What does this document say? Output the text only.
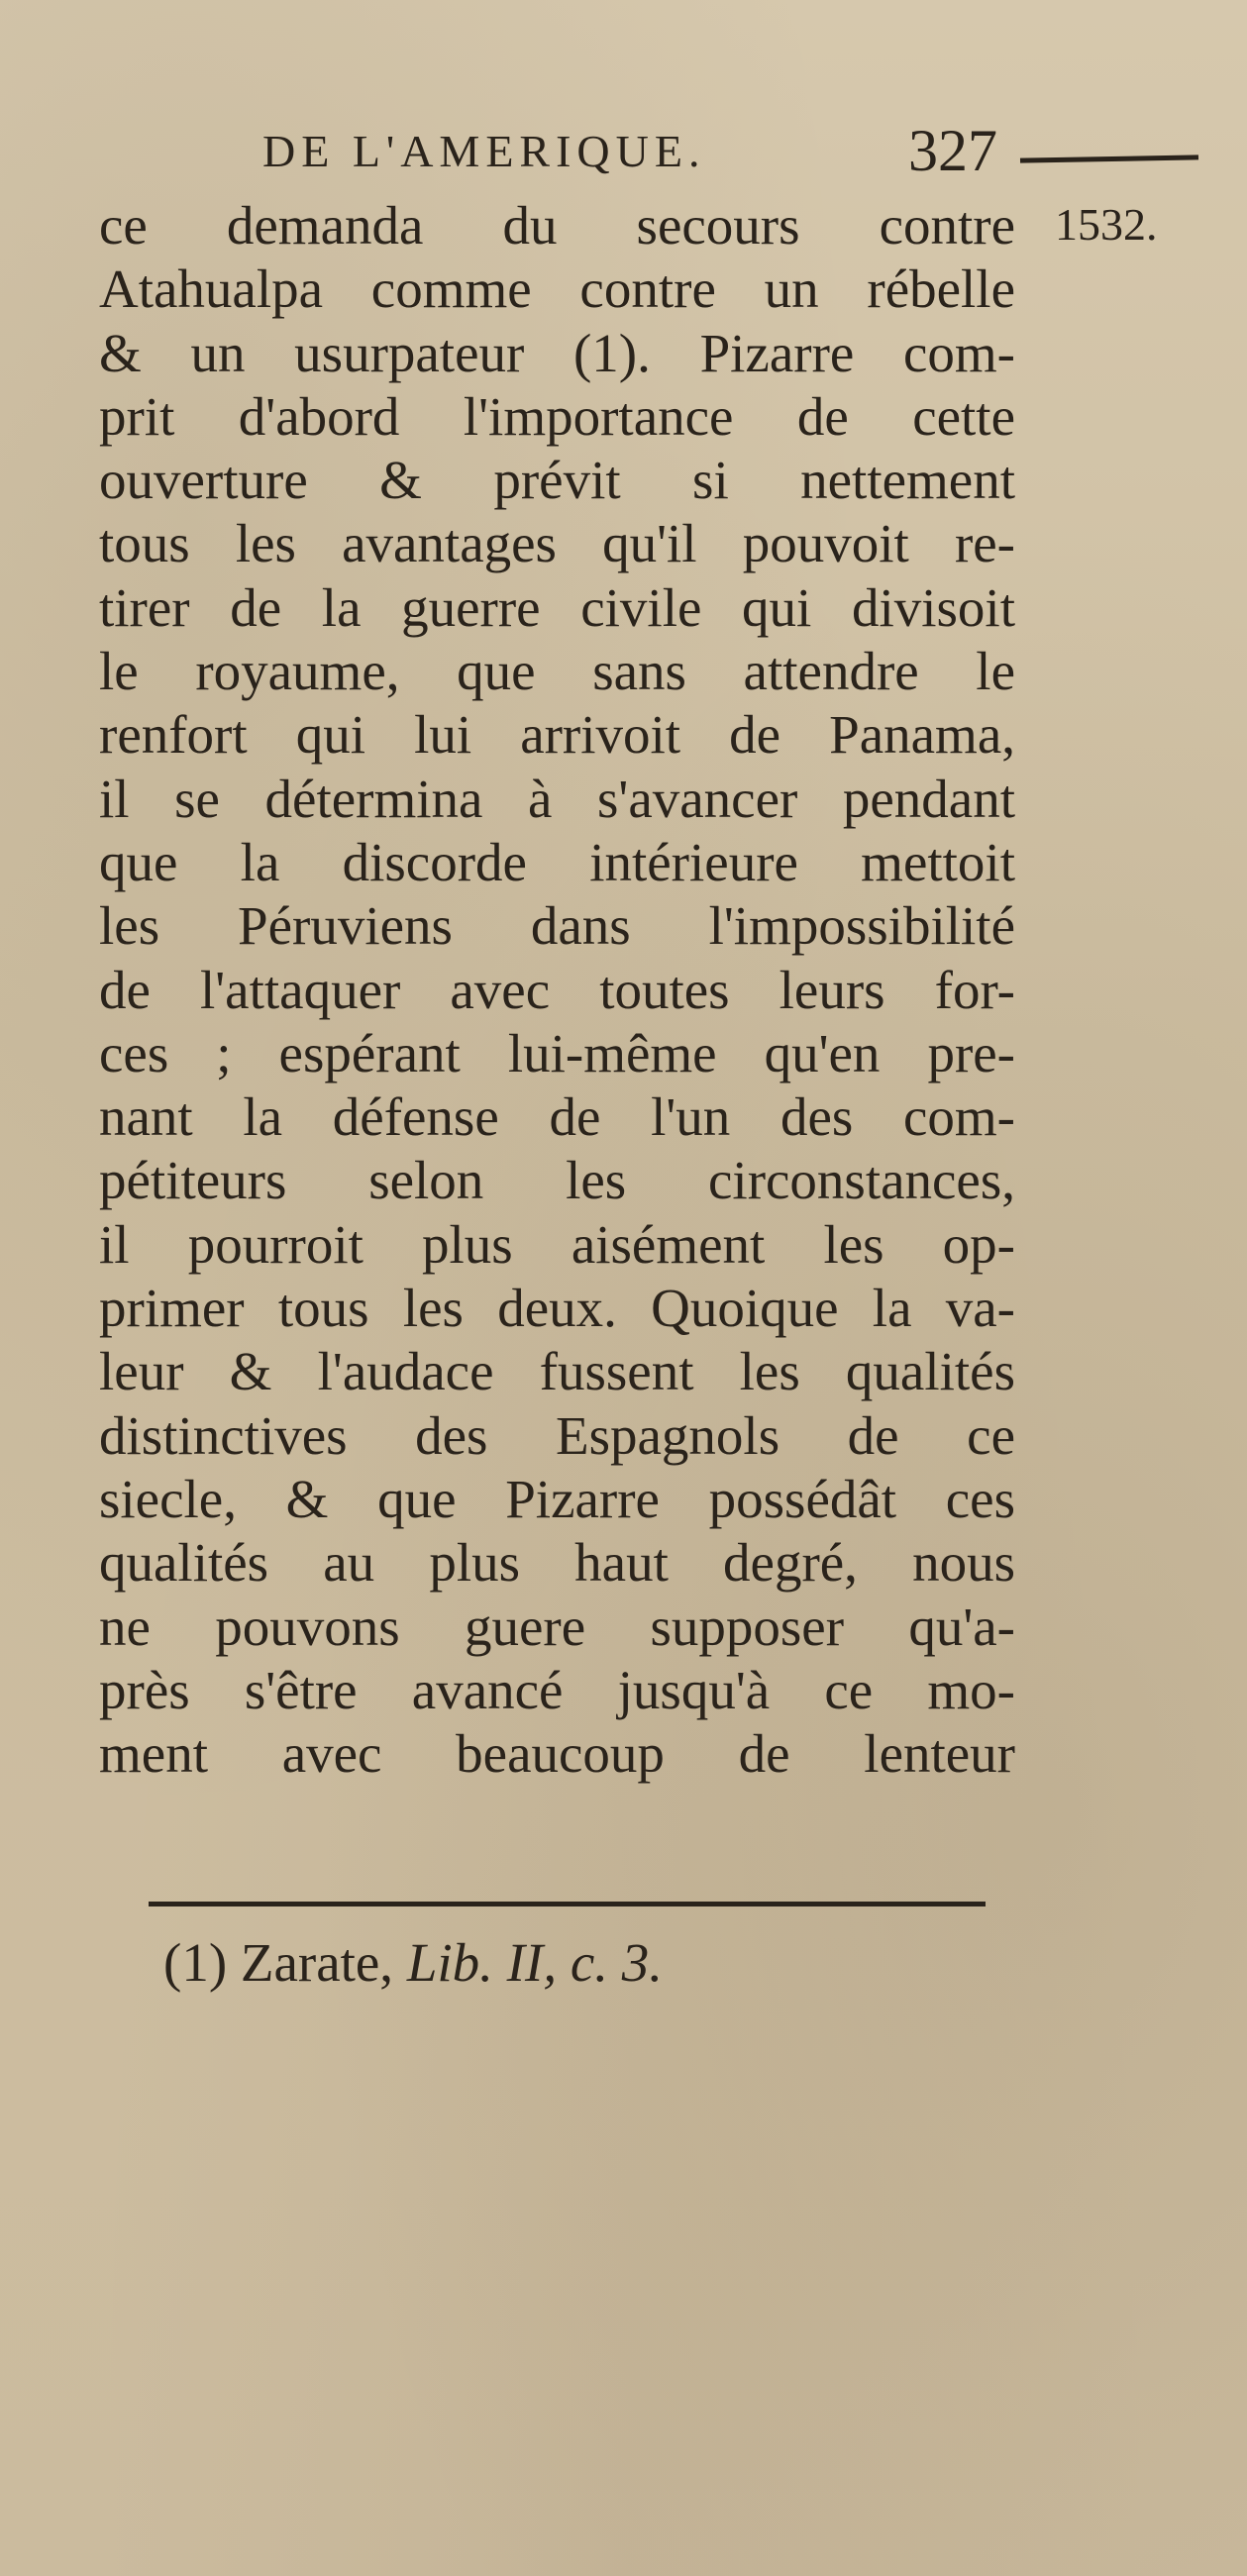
DE L'AMERIQUE.	327
1532.
ce demanda du secours contre
Atahualpa comme contre un rébelle
& un usurpateur (1). Pizarre com-
prit d'abord l'importance de cette
ouverture & prévit si nettement
tous les avantages qu'il pouvoit re-
tirer de la guerre civile qui divisoit
le royaume, que sans attendre le
renfort qui lui arrivoit de Panama,
il se détermina à s'avancer pendant
que la discorde intérieure mettoit
les Péruviens dans l'impossibilité
de l'attaquer avec toutes leurs for-
ces ; espérant lui-même qu'en pre-
nant la défense de l'un des com-
pétiteurs selon les circonstances,
il pourroit plus aisément les op-
primer tous les deux. Quoique la va-
leur & l'audace fussent les qualités
distinctives des Espagnols de ce
siecle, & que Pizarre possédât ces
qualités au plus haut degré, nous
ne pouvons guere supposer qu'a-
près s'être avancé jusqu'à ce mo-
ment avec beaucoup de lenteur
(1) Zarate, Lib. II, c. 3.
